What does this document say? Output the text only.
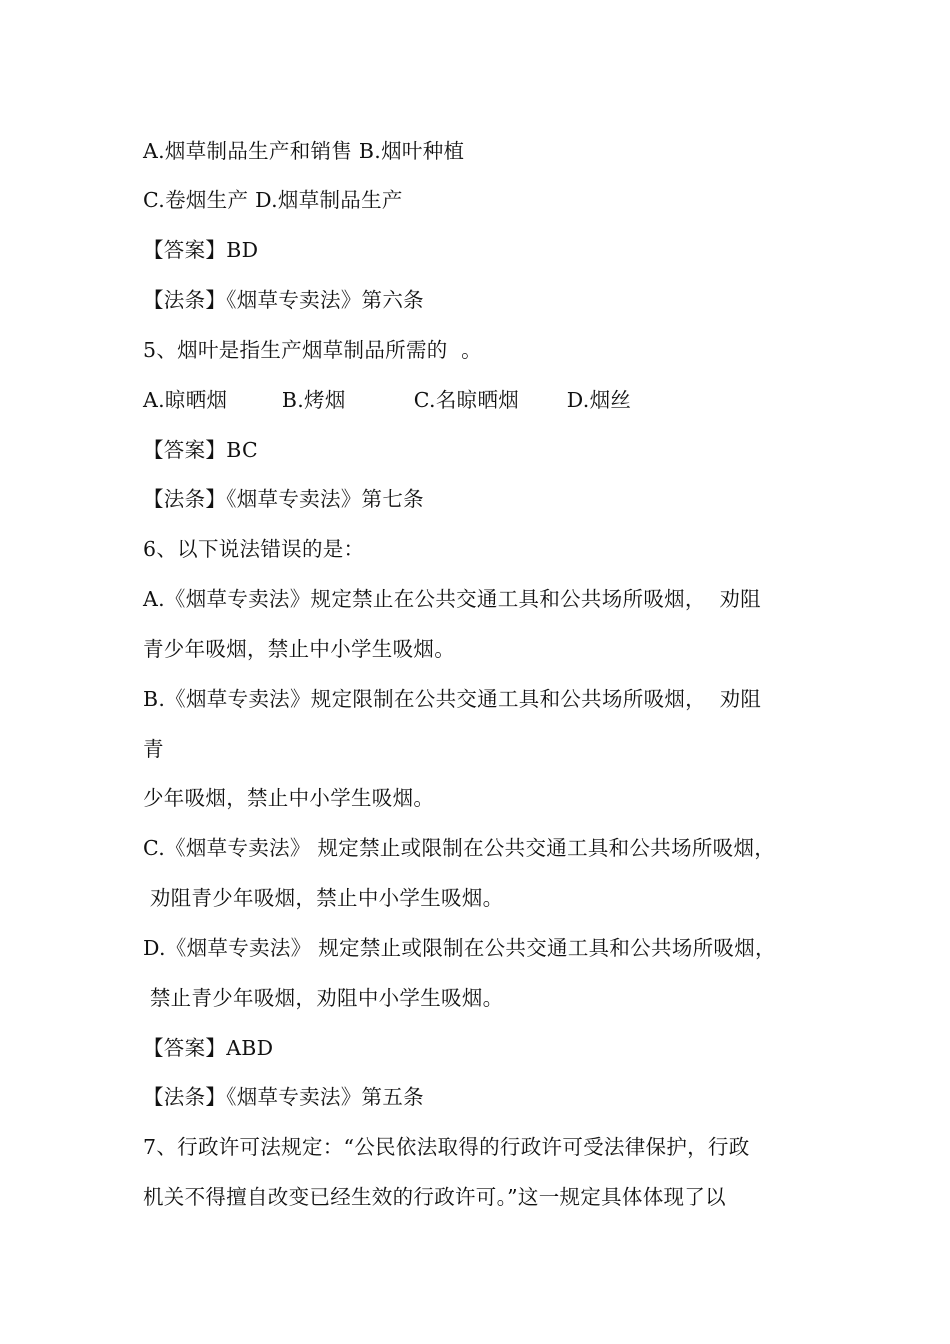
A.烟草制品生产和销售 B.烟叶种植
C.卷烟生产 D.烟草制品生产
【答案】BD
【法条】《烟草专卖法》第六条
5、烟叶是指生产烟草制品所需的  。
A.晾晒烟        B.烤烟          C.名晾晒烟       D.烟丝
【答案】BC
【法条】《烟草专卖法》第七条
6、以下说法错误的是：
A.《烟草专卖法》规定禁止在公共交通工具和公共场所吸烟，  劝阻
青少年吸烟，禁止中小学生吸烟。
B.《烟草专卖法》规定限制在公共交通工具和公共场所吸烟，  劝阻
青
少年吸烟，禁止中小学生吸烟。
C.《烟草专卖法》 规定禁止或限制在公共交通工具和公共场所吸烟，
劝阻青少年吸烟，禁止中小学生吸烟。
D.《烟草专卖法》 规定禁止或限制在公共交通工具和公共场所吸烟，
禁止青少年吸烟，劝阻中小学生吸烟。
【答案】ABD
【法条】《烟草专卖法》第五条
7、行政许可法规定：“公民依法取得的行政许可受法律保护，行政
机关不得擅自改变已经生效的行政许可。”这一规定具体体现了以
